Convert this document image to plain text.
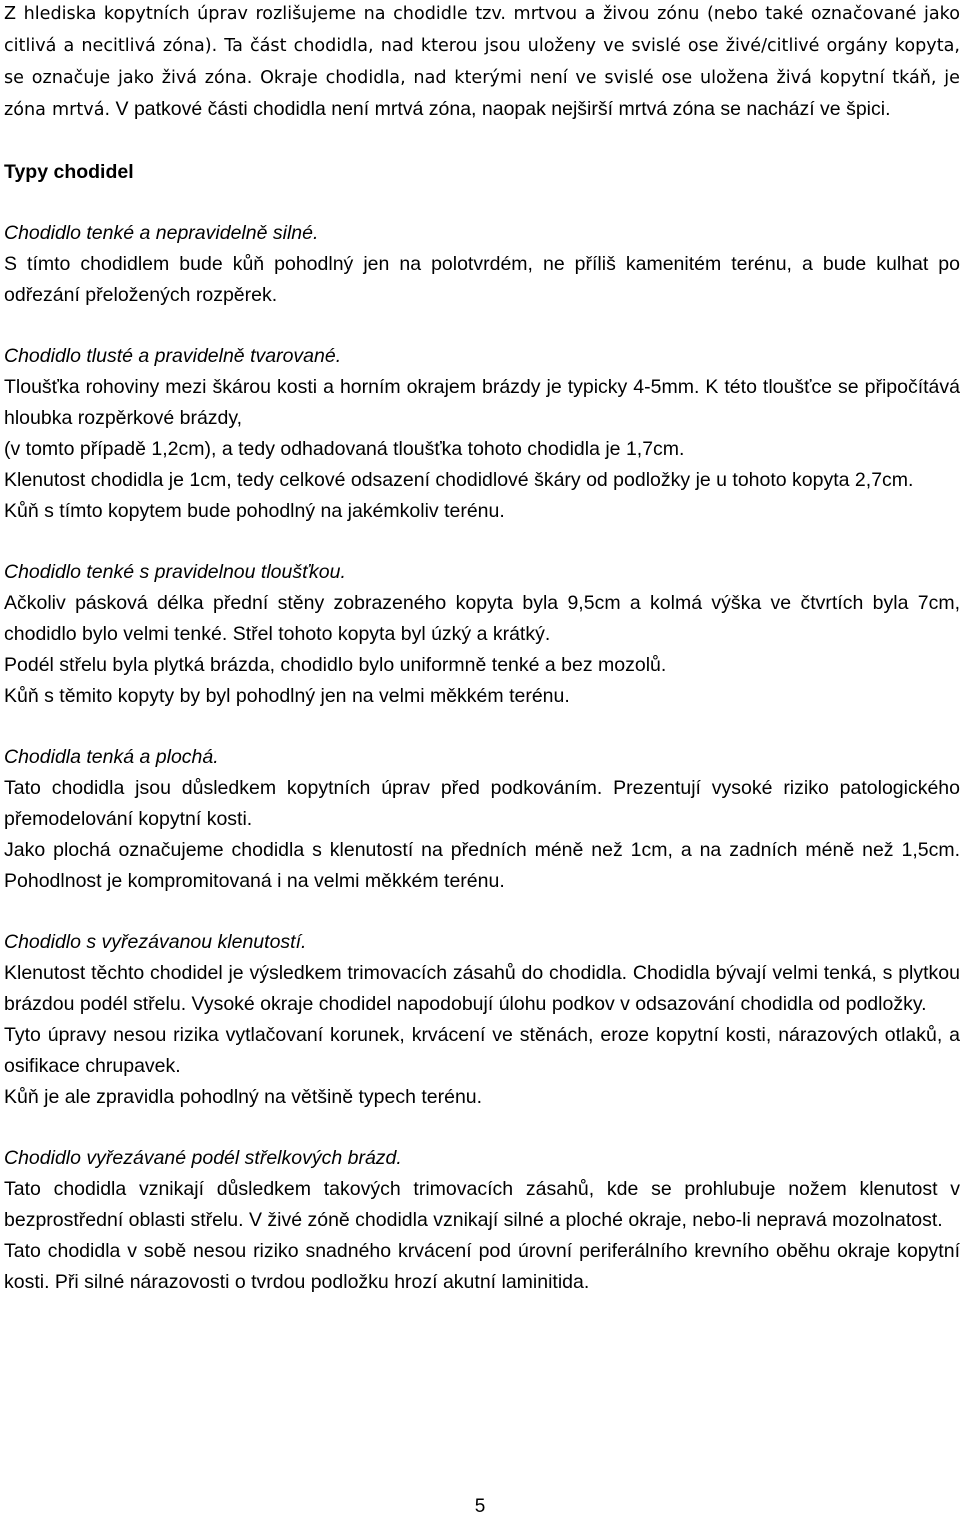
Z hlediska kopytních úprav rozlišujeme na chodidle tzv. mrtvou a živou zónu (nebo také označované jako citlivá a necitlivá zóna). Ta část chodidla, nad kterou jsou uloženy ve svislé ose živé/citlivé orgány kopyta, se označuje jako živá zóna. Okraje chodidla, nad kterými není ve svislé ose uložena živá kopytní tkáň, je zóna mrtvá. V patkové části chodidla není mrtvá zóna, naopak nejširší mrtvá zóna se nachází ve špici.

Typy chodidel

Chodidlo tenké a nepravidelně silné.

S tímto chodidlem bude kůň pohodlný jen na polotvrdém, ne příliš kamenitém terénu, a bude kulhat po odřezání přeložených rozpěrek.

Chodidlo tlusté a pravidelně tvarované.

Tloušťka rohoviny mezi škárou kosti a horním okrajem brázdy je typicky 4-5mm. K této tloušťce se připočítává hloubka rozpěrkové brázdy,

(v tomto případě 1,2cm), a tedy odhadovaná tloušťka tohoto chodidla je 1,7cm.

Klenutost chodidla je 1cm, tedy celkové odsazení chodidlové škáry od podložky je u tohoto kopyta 2,7cm.

Kůň s tímto kopytem bude pohodlný na jakémkoliv terénu.

Chodidlo tenké s pravidelnou tloušťkou.

Ačkoliv pásková délka přední stěny zobrazeného kopyta byla 9,5cm a kolmá výška ve čtvrtích byla 7cm, chodidlo bylo velmi tenké. Střel tohoto kopyta byl úzký a krátký.

Podél střelu byla plytká brázda, chodidlo bylo uniformně tenké a bez mozolů.

Kůň s těmito kopyty by byl pohodlný jen na velmi měkkém terénu.

Chodidla tenká a plochá.

Tato chodidla jsou důsledkem kopytních úprav před podkováním. Prezentují vysoké riziko patologického přemodelování kopytní kosti.

Jako plochá označujeme chodidla s klenutostí na předních méně než 1cm, a na zadních méně než 1,5cm. Pohodlnost je kompromitovaná i na velmi měkkém terénu.

Chodidlo s vyřezávanou klenutostí.

Klenutost těchto chodidel je výsledkem trimovacích zásahů do chodidla. Chodidla bývají velmi tenká, s plytkou brázdou podél střelu. Vysoké okraje chodidel napodobují úlohu podkov v odsazování chodidla od podložky.

Tyto úpravy nesou rizika vytlačovaní korunek, krvácení ve stěnách, eroze kopytní kosti, nárazových otlaků, a osifikace chrupavek.

Kůň je ale zpravidla pohodlný na většině typech terénu.

Chodidlo vyřezávané podél střelkových brázd.

Tato chodidla vznikají důsledkem takových trimovacích zásahů, kde se prohlubuje nožem klenutost v bezprostřední oblasti střelu. V živé zóně chodidla vznikají silné a ploché okraje, nebo-li nepravá mozolnatost.

Tato chodidla v sobě nesou riziko snadného krvácení pod úrovní periferálního krevního oběhu okraje kopytní kosti. Při silné nárazovosti o tvrdou podložku hrozí akutní laminitida.

5
